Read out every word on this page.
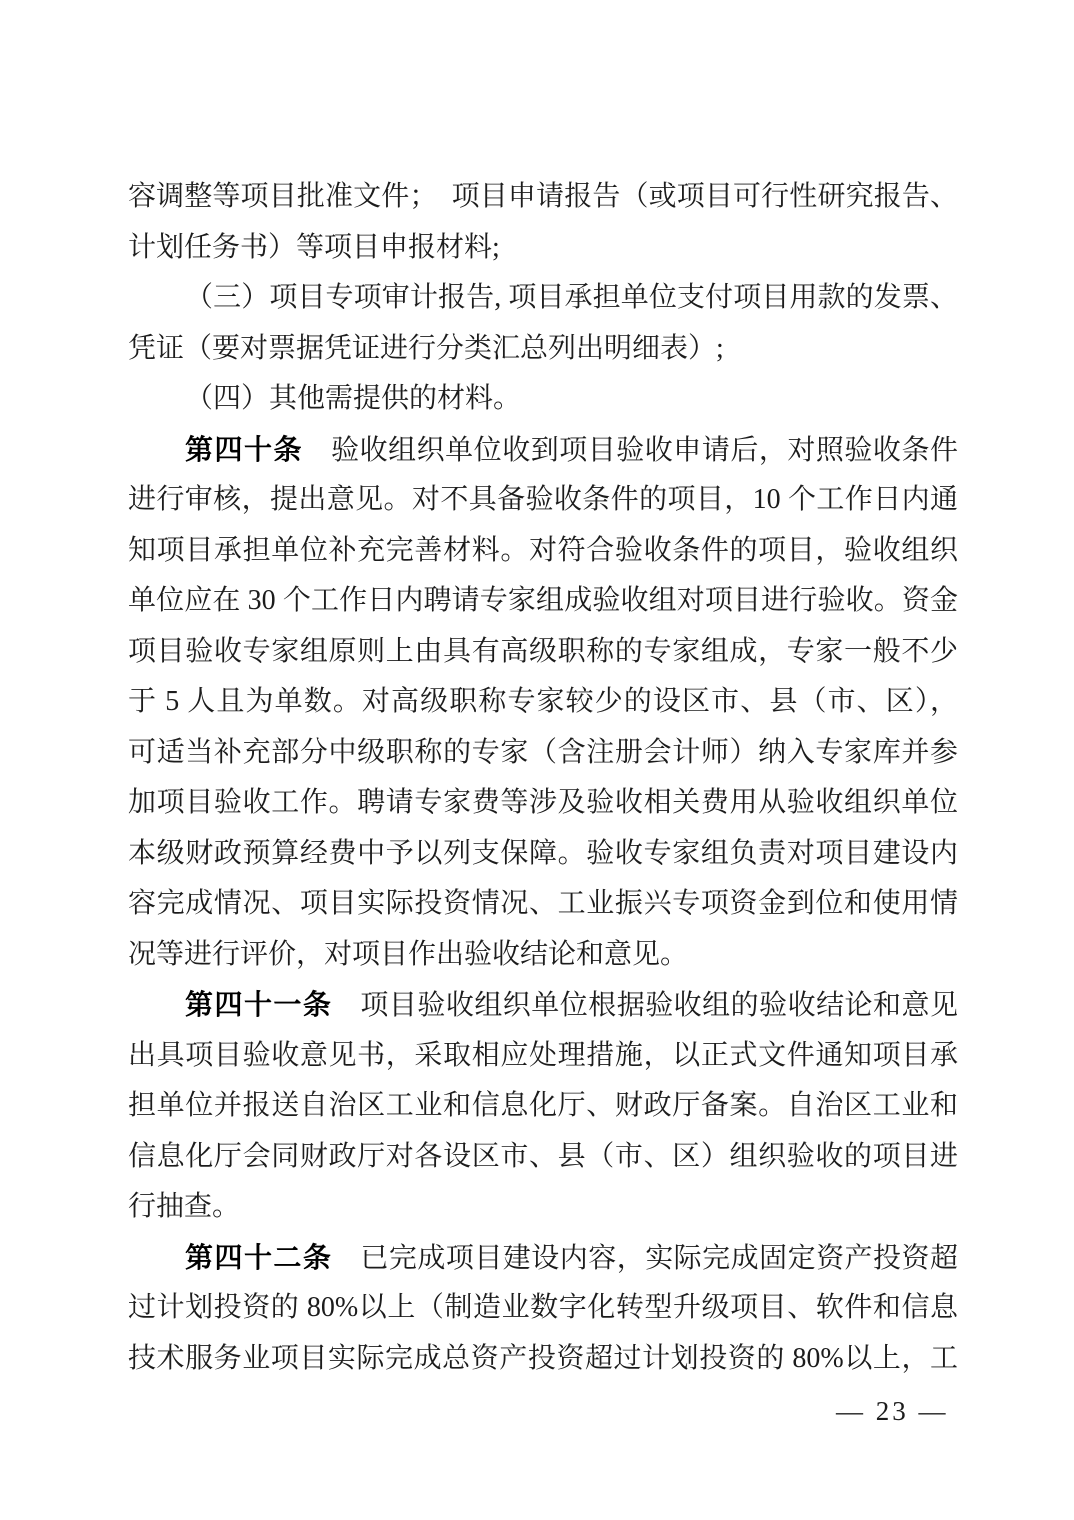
容调整等项目批准文件；　项目申请报告（或项目可行性研究报告、
计划任务书）等项目申报材料;
（三）项目专项审计报告, 项目承担单位支付项目用款的发票、
凭证（要对票据凭证进行分类汇总列出明细表）;
（四）其他需提供的材料。
第四十条 验收组织单位收到项目验收申请后，对照验收条件
进行审核，提出意见。对不具备验收条件的项目，10 个工作日内通
知项目承担单位补充完善材料。对符合验收条件的项目，验收组织
单位应在 30 个工作日内聘请专家组成验收组对项目进行验收。资金
项目验收专家组原则上由具有高级职称的专家组成，专家一般不少
于 5 人且为单数。对高级职称专家较少的设区市、县（市、区），
可适当补充部分中级职称的专家（含注册会计师）纳入专家库并参
加项目验收工作。聘请专家费等涉及验收相关费用从验收组织单位
本级财政预算经费中予以列支保障。验收专家组负责对项目建设内
容完成情况、项目实际投资情况、工业振兴专项资金到位和使用情
况等进行评价，对项目作出验收结论和意见。
第四十一条 项目验收组织单位根据验收组的验收结论和意见
出具项目验收意见书，采取相应处理措施，以正式文件通知项目承
担单位并报送自治区工业和信息化厅、财政厅备案。自治区工业和
信息化厅会同财政厅对各设区市、县（市、区）组织验收的项目进
行抽查。
第四十二条 已完成项目建设内容，实际完成固定资产投资超
过计划投资的 80%以上（制造业数字化转型升级项目、软件和信息
技术服务业项目实际完成总资产投资超过计划投资的 80%以上，工
— 23 —
